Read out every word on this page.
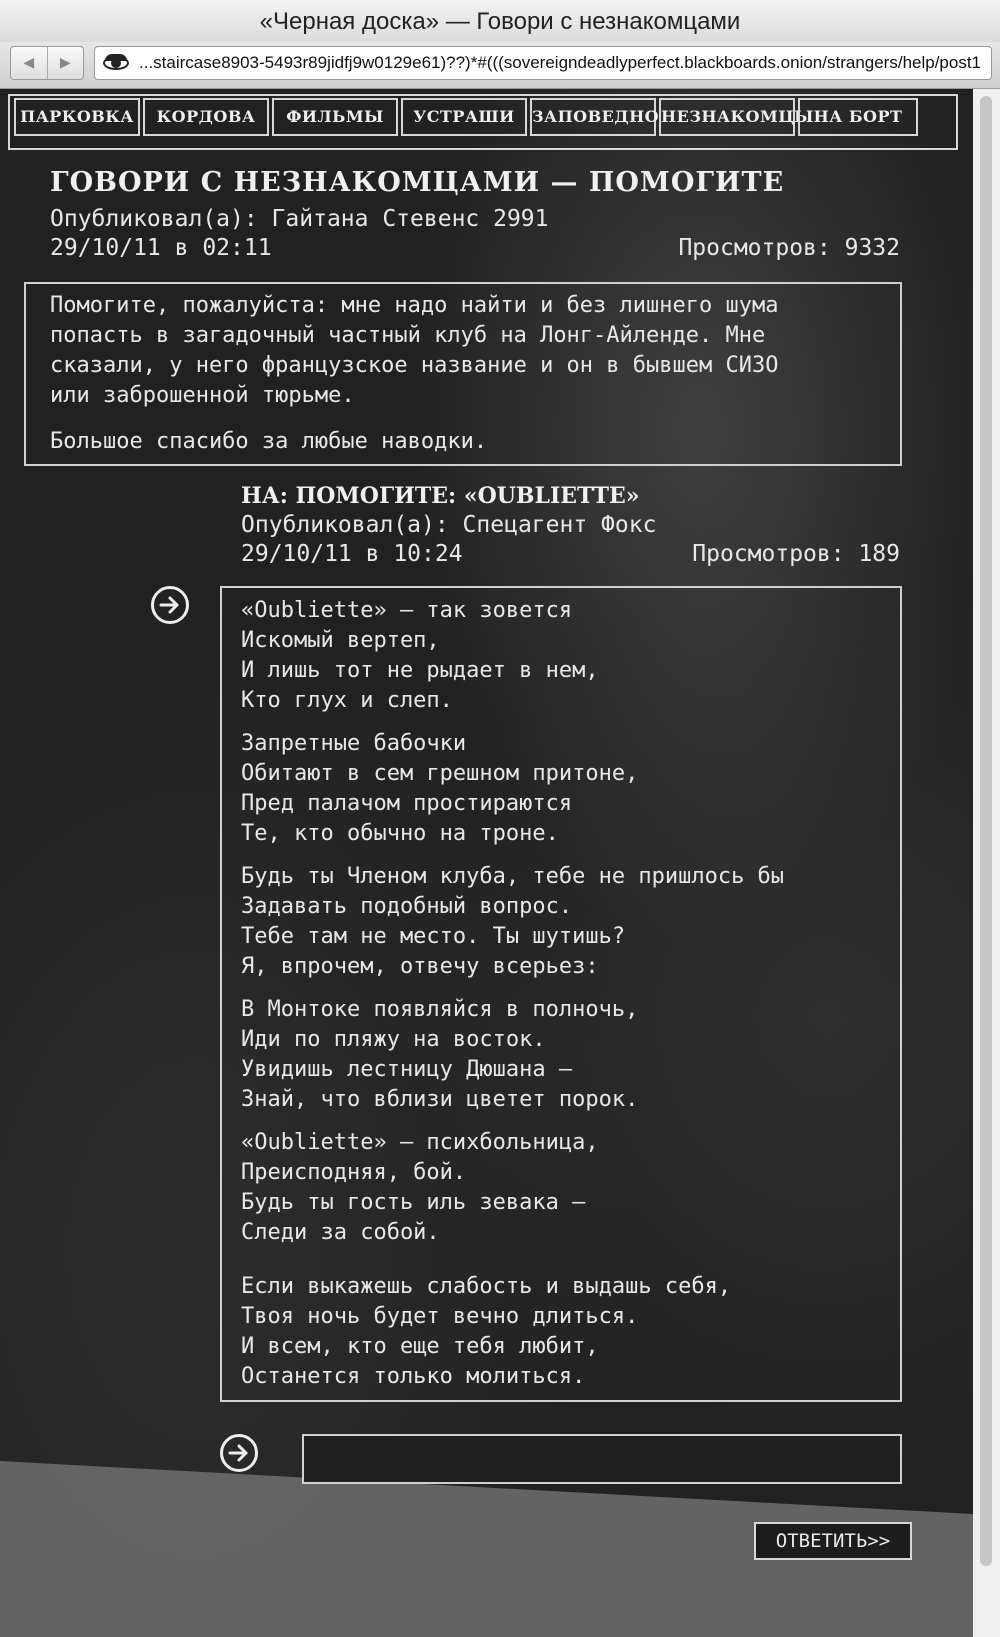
«Черная доска» — Говори с незнакомцами
◀	▶	...staircase8903-5493r89jidfj9w0129e61)??)*#(((sovereigndeadlyperfect.blackboards.onion/strangers/help/post1
ПАРКОВКА	КОРДОВА	ФИЛЬМЫ	УСТРАШИ	ЗАПОВЕДНО НЕЗНАКОМЦЫ НА БОРТ
ГОВОРИ С НЕЗНАКОМЦАМИ — ПОМОГИТЕ
Опубликовал(а): Гайтана Стевенс 2991
29/10/11 в 02:11	Просмотров: 9332
Помогите, пожалуйста: мне надо найти и без лишнего шума
попасть в загадочный частный клуб на Лонг-Айленде. Мне
сказали, у него французское название и он в бывшем СИЗО
или заброшенной тюрьме.
Большое спасибо за любые наводки.
НА: ПОМОГИТЕ: «OUBLIETTE»
Опубликовал(а): Спецагент Фокс
29/10/11 в 10:24	Просмотров: 189
«Oubliette» — так зовется
Искомый вертеп,
И лишь тот не рыдает в нем,
Кто глух и слеп.
Запретные бабочки
Обитают в сем грешном притоне,
Пред палачом простираются
Те, кто обычно на троне.
Будь ты Членом клуба, тебе не пришлось бы
Задавать подобный вопрос.
Тебе там не место. Ты шутишь?
Я, впрочем, отвечу всерьез:
В Монтоке появляйся в полночь,
Иди по пляжу на восток.
Увидишь лестницу Дюшана —
Знай, что вблизи цветет порок.
«Oubliette» — психбольница,
Преисподняя, бой.
Будь ты гость иль зевака —
Следи за собой.
Если выкажешь слабость и выдашь себя,
Твоя ночь будет вечно длиться.
И всем, кто еще тебя любит,
Останется только молиться.
ОТВЕТИТЬ>>
